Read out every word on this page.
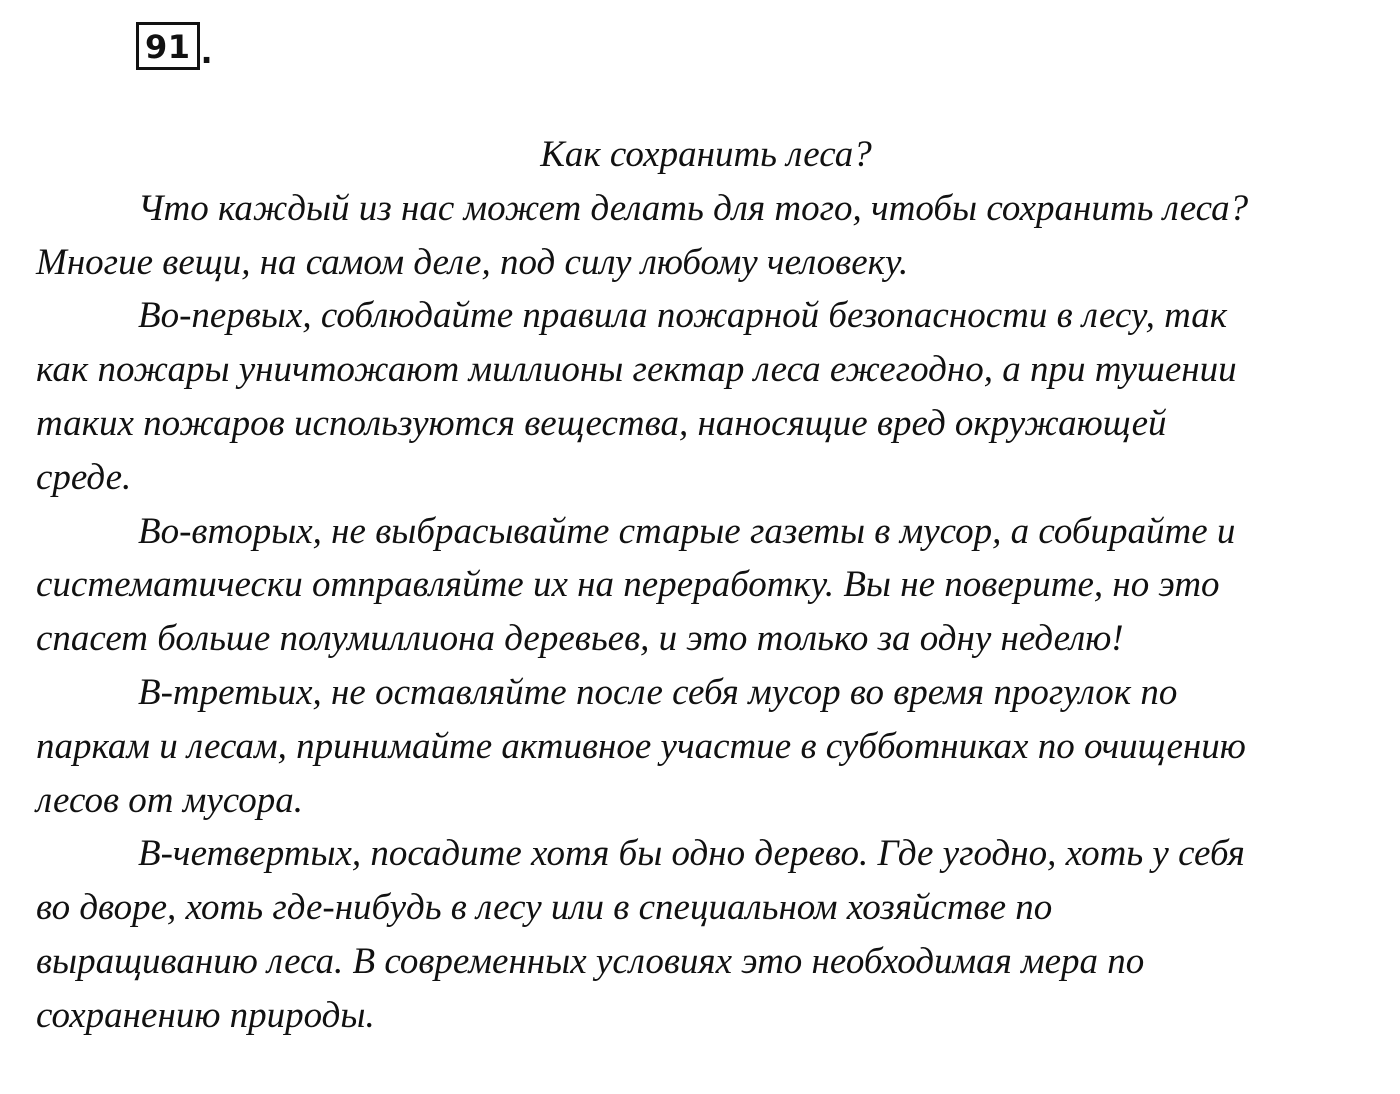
91 .

Как сохранить леса?

Что каждый из нас может делать для того, чтобы сохранить леса?
Многие вещи, на самом деле, под силу любому человеку.

Во-первых, соблюдайте правила пожарной безопасности в лесу, так
как пожары уничтожают миллионы гектар леса ежегодно, а при тушении
таких пожаров используются вещества, наносящие вред окружающей
среде.

Во-вторых, не выбрасывайте старые газеты в мусор, а собирайте и
систематически отправляйте их на переработку. Вы не поверите, но это
спасет больше полумиллиона деревьев, и это только за одну неделю!

В-третьих, не оставляйте после себя мусор во время прогулок по
паркам и лесам, принимайте активное участие в субботниках по очищению
лесов от мусора.

В-четвертых, посадите хотя бы одно дерево. Где угодно, хоть у себя
во дворе, хоть где-нибудь в лесу или в специальном хозяйстве по
выращиванию леса. В современных условиях это необходимая мера по
сохранению природы.
